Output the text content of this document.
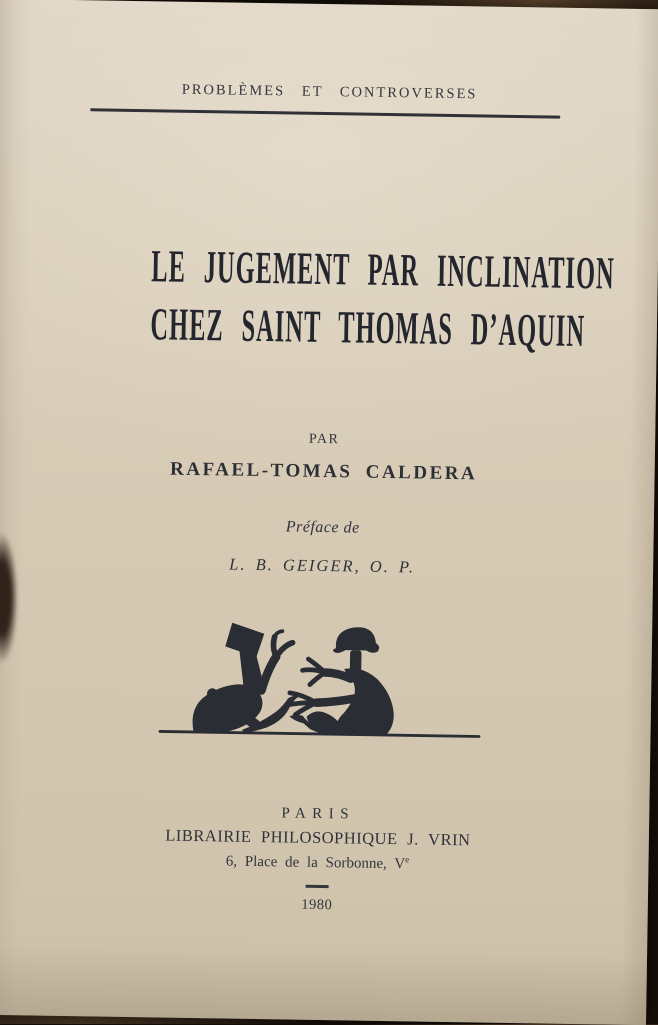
PROBLÈMES ET CONTROVERSES
LE JUGEMENT PAR INCLINATION
CHEZ SAINT THOMAS D’AQUIN
PAR
RAFAEL-TOMAS CALDERA
Préface de
L. B. GEIGER, O. P.
PARIS
LIBRAIRIE PHILOSOPHIQUE J. VRIN
6, Place de la Sorbonne, Ve
1980
